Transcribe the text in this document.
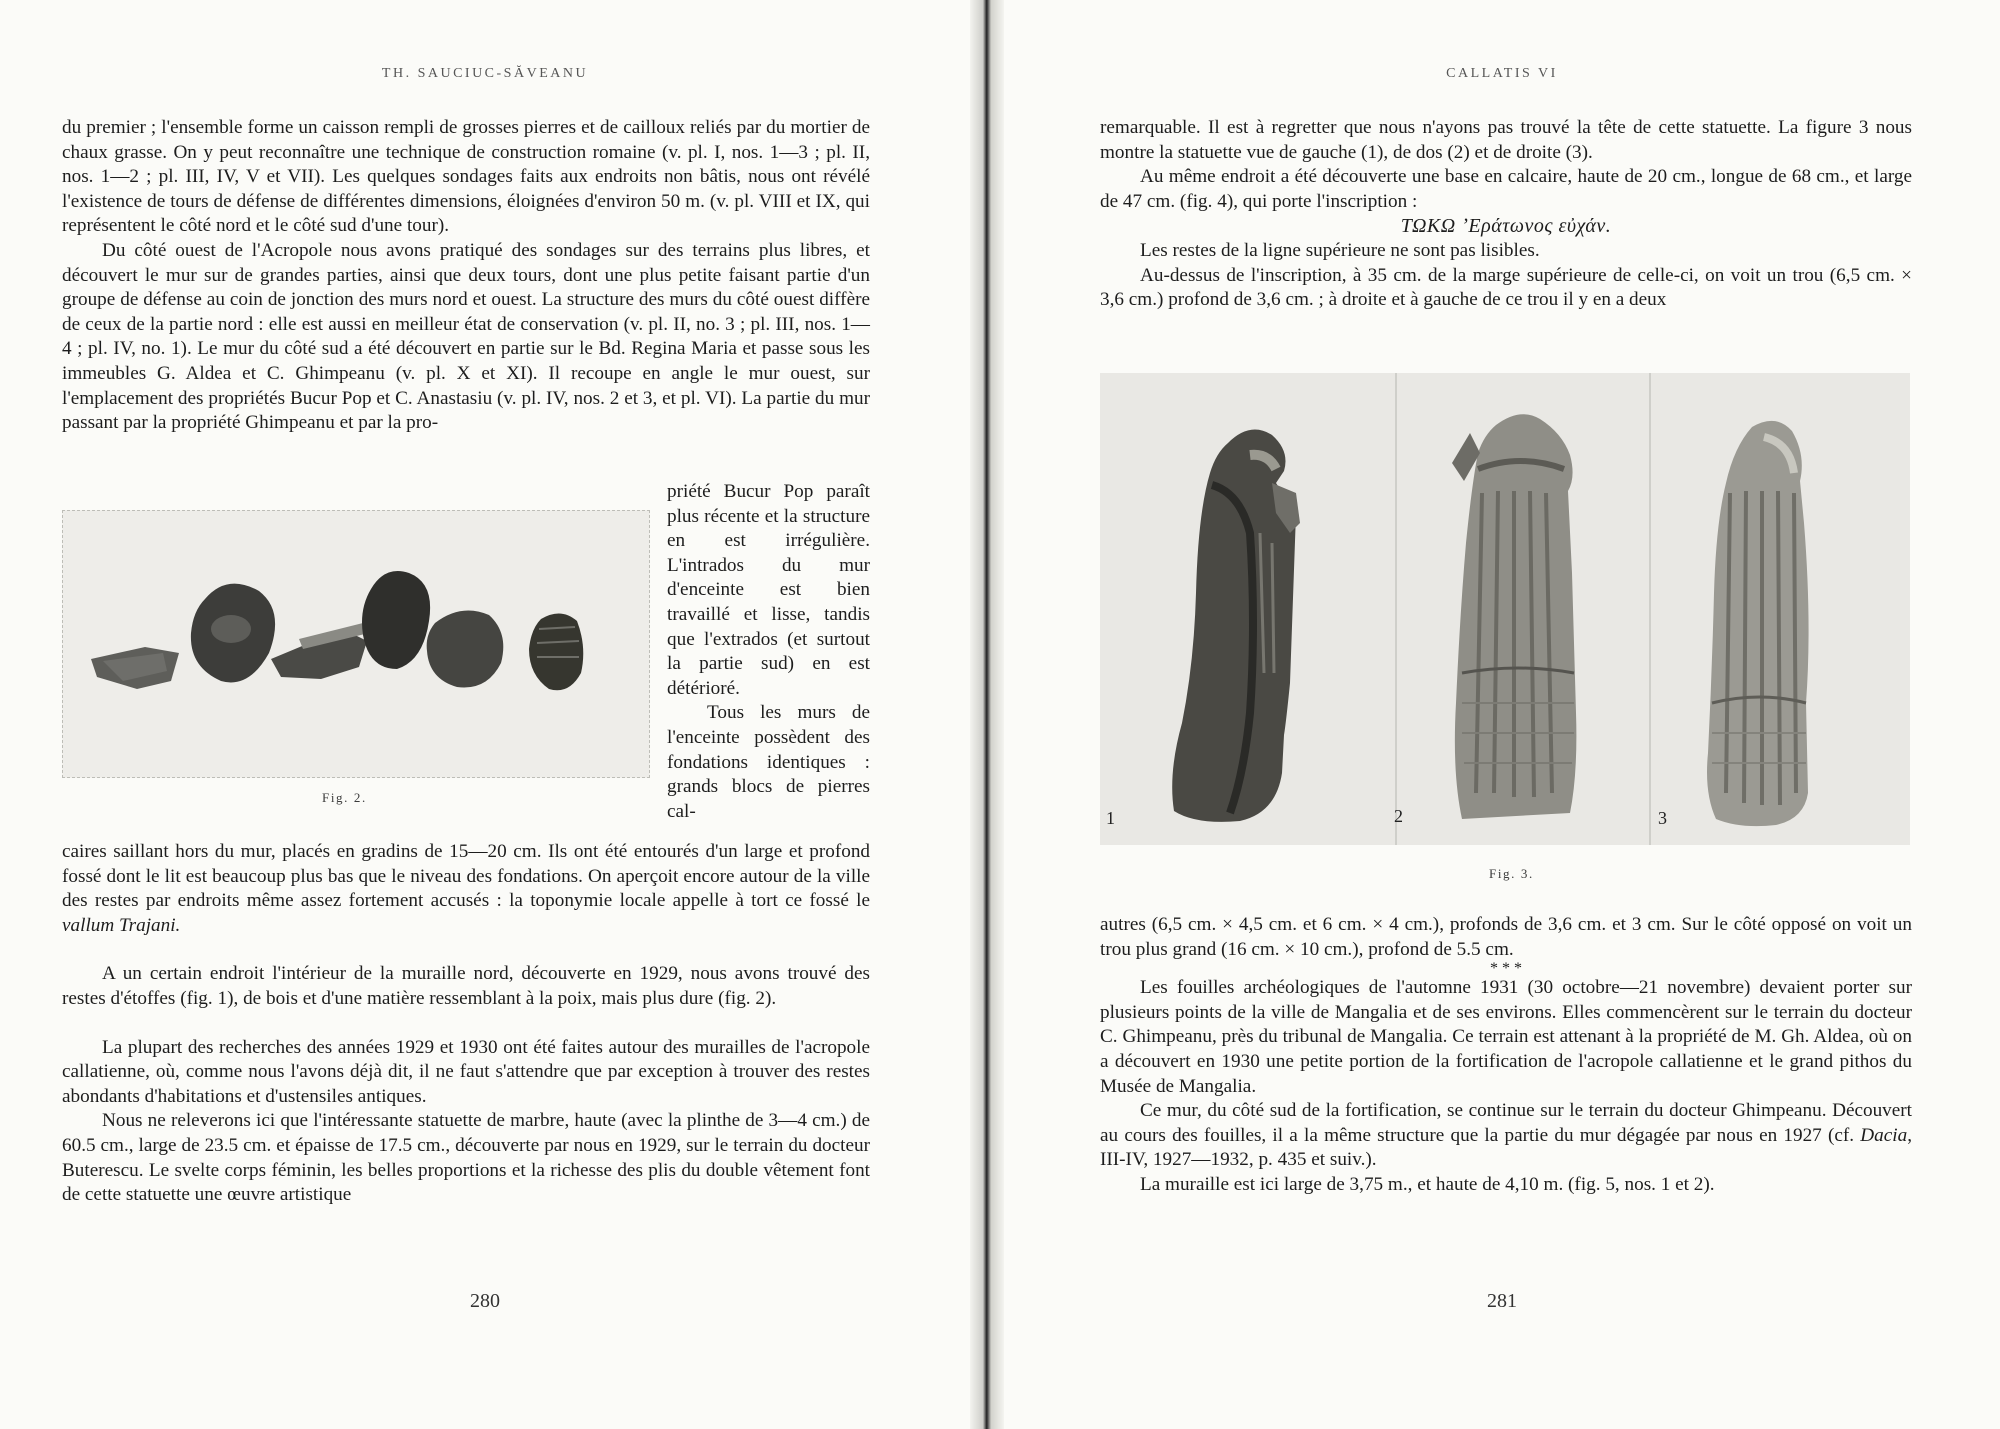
TH. SAUCIUC-SĂVEANU

du premier ; l'ensemble forme un caisson rempli de grosses pierres et de cailloux reliés par du mortier de chaux grasse. On y peut reconnaître une technique de construction romaine (v. pl. I, nos. 1—3 ; pl. II, nos. 1—2 ; pl. III, IV, V et VII). Les quelques sondages faits aux endroits non bâtis, nous ont révélé l'existence de tours de défense de différentes dimensions, éloignées d'environ 50 m. (v. pl. VIII et IX, qui représentent le côté nord et le côté sud d'une tour).

Du côté ouest de l'Acropole nous avons pratiqué des sondages sur des terrains plus libres, et découvert le mur sur de grandes parties, ainsi que deux tours, dont une plus petite faisant partie d'un groupe de défense au coin de jonction des murs nord et ouest. La structure des murs du côté ouest diffère de ceux de la partie nord : elle est aussi en meilleur état de conservation (v. pl. II, no. 3 ; pl. III, nos. 1—4 ; pl. IV, no. 1). Le mur du côté sud a été découvert en partie sur le Bd. Regina Maria et passe sous les immeubles G. Aldea et C. Ghimpeanu (v. pl. X et XI). Il recoupe en angle le mur ouest, sur l'emplacement des propriétés Bucur Pop et C. Anastasiu (v. pl. IV, nos. 2 et 3, et pl. VI). La partie du mur passant par la propriété Ghimpeanu et par la pro-

Fig. 2.

priété Bucur Pop paraît plus récente et la structure en est irrégulière. L'intrados du mur d'enceinte est bien travaillé et lisse, tandis que l'extrados (et surtout la partie sud) en est détérioré.

Tous les murs de l'enceinte possèdent des fondations identiques : grands blocs de pierres cal-

caires saillant hors du mur, placés en gradins de 15—20 cm. Ils ont été entourés d'un large et profond fossé dont le lit est beaucoup plus bas que le niveau des fondations. On aperçoit encore autour de la ville des restes par endroits même assez fortement accusés : la toponymie locale appelle à tort ce fossé le vallum Trajani.

A un certain endroit l'intérieur de la muraille nord, découverte en 1929, nous avons trouvé des restes d'étoffes (fig. 1), de bois et d'une matière ressemblant à la poix, mais plus dure (fig. 2).

La plupart des recherches des années 1929 et 1930 ont été faites autour des murailles de l'acropole callatienne, où, comme nous l'avons déjà dit, il ne faut s'attendre que par exception à trouver des restes abondants d'habitations et d'ustensiles antiques.

Nous ne releverons ici que l'intéressante statuette de marbre, haute (avec la plinthe de 3—4 cm.) de 60.5 cm., large de 23.5 cm. et épaisse de 17.5 cm., découverte par nous en 1929, sur le terrain du docteur Buterescu. Le svelte corps féminin, les belles proportions et la richesse des plis du double vêtement font de cette statuette une œuvre artistique

280
CALLATIS VI

remarquable. Il est à regretter que nous n'ayons pas trouvé la tête de cette statuette. La figure 3 nous montre la statuette vue de gauche (1), de dos (2) et de droite (3).

Au même endroit a été découverte une base en calcaire, haute de 20 cm., longue de 68 cm., et large de 47 cm. (fig. 4), qui porte l'inscription :

ΤΩΚΩ ʼΕράτωνος εὐχάν.

Les restes de la ligne supérieure ne sont pas lisibles.

Au-dessus de l'inscription, à 35 cm. de la marge supérieure de celle-ci, on voit un trou (6,5 cm. × 3,6 cm.) profond de 3,6 cm. ; à droite et à gauche de ce trou il y en a deux

1	2	3
Fig. 3.

autres (6,5 cm. × 4,5 cm. et 6 cm. × 4 cm.), profonds de 3,6 cm. et 3 cm. Sur le côté opposé on voit un trou plus grand (16 cm. × 10 cm.), profond de 5.5 cm.

* * *

Les fouilles archéologiques de l'automne 1931 (30 octobre—21 novembre) devaient porter sur plusieurs points de la ville de Mangalia et de ses environs. Elles commencèrent sur le terrain du docteur C. Ghimpeanu, près du tribunal de Mangalia. Ce terrain est attenant à la propriété de M. Gh. Aldea, où on a découvert en 1930 une petite portion de la fortification de l'acropole callatienne et le grand pithos du Musée de Mangalia.

Ce mur, du côté sud de la fortification, se continue sur le terrain du docteur Ghimpeanu. Découvert au cours des fouilles, il a la même structure que la partie du mur dégagée par nous en 1927 (cf. Dacia, III-IV, 1927—1932, p. 435 et suiv.).

La muraille est ici large de 3,75 m., et haute de 4,10 m. (fig. 5, nos. 1 et 2).

281
